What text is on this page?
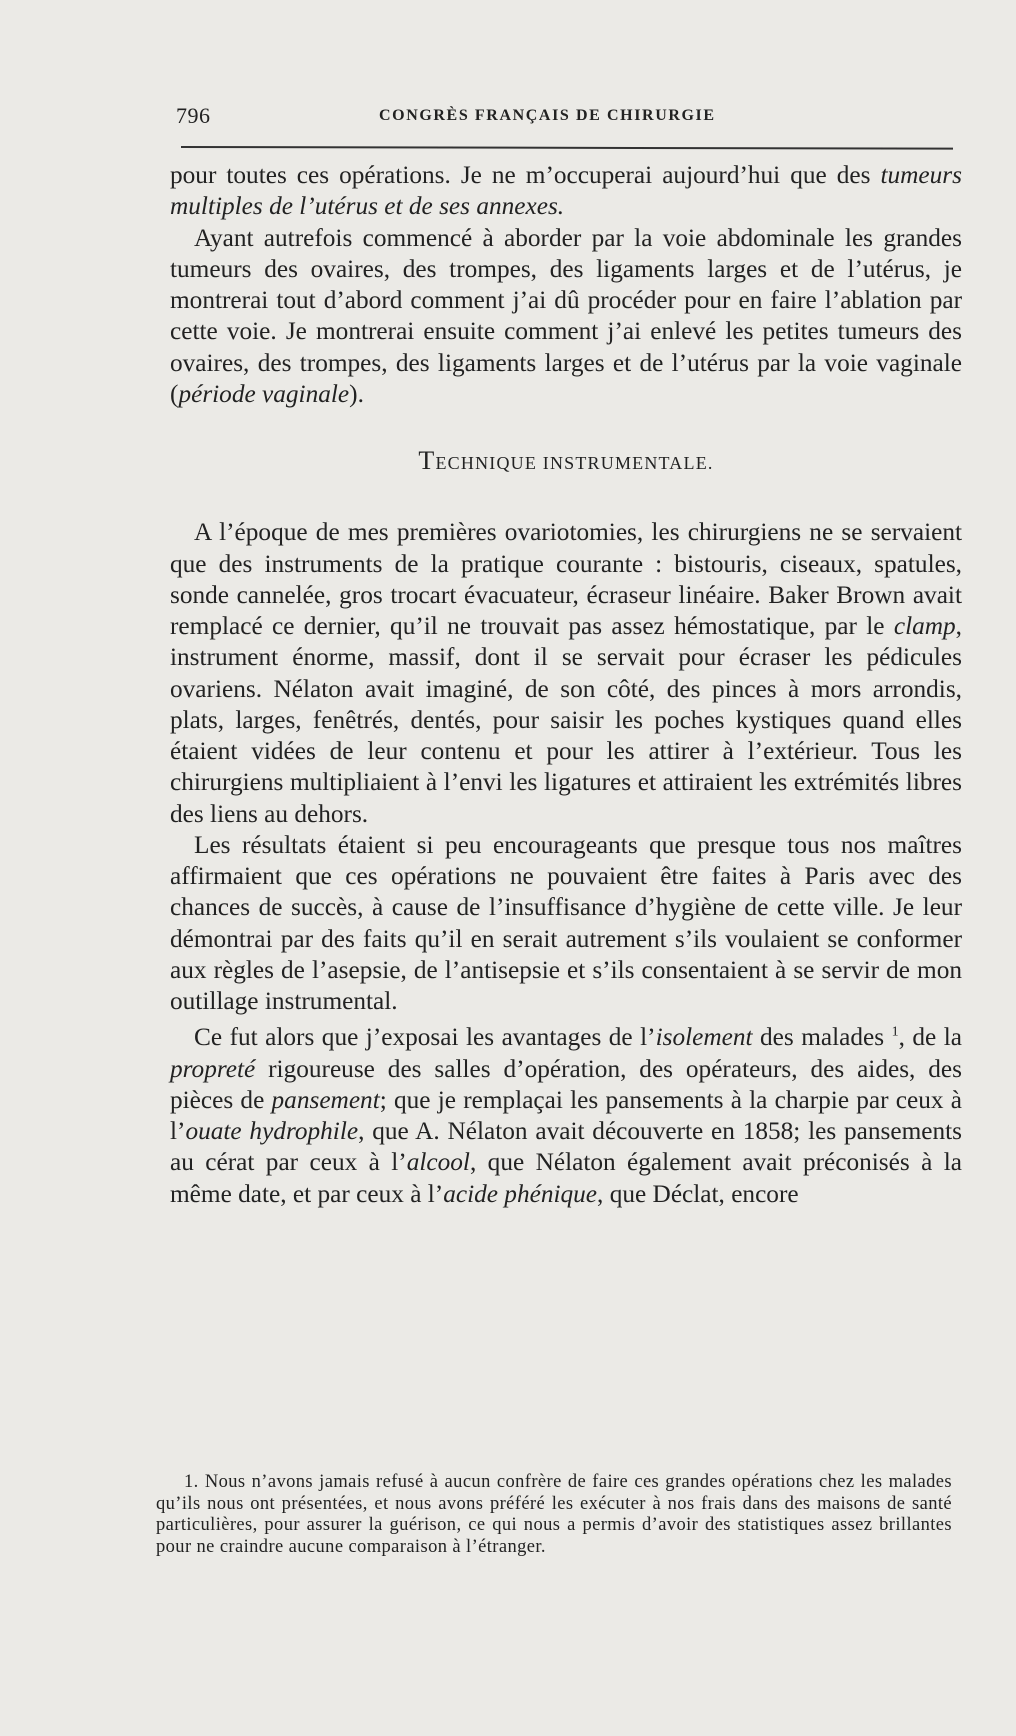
796	CONGRÈS FRANÇAIS DE CHIRURGIE

pour toutes ces opérations. Je ne m’occuperai aujourd’hui que des tumeurs multiples de l’utérus et de ses annexes.

Ayant autrefois commencé à aborder par la voie abdominale les grandes tumeurs des ovaires, des trompes, des ligaments larges et de l’utérus, je montrerai tout d’abord comment j’ai dû procéder pour en faire l’ablation par cette voie. Je montrerai ensuite comment j’ai enlevé les petites tumeurs des ovaires, des trompes, des ligaments larges et de l’utérus par la voie vaginale (période vaginale).

TECHNIQUE INSTRUMENTALE.

A l’époque de mes premières ovariotomies, les chirurgiens ne se servaient que des instruments de la pratique courante : bistouris, ciseaux, spatules, sonde cannelée, gros trocart évacuateur, écraseur linéaire. Baker Brown avait remplacé ce dernier, qu’il ne trouvait pas assez hémostatique, par le clamp, instrument énorme, massif, dont il se servait pour écraser les pédicules ovariens. Nélaton avait imaginé, de son côté, des pinces à mors arrondis, plats, larges, fenêtrés, dentés, pour saisir les poches kystiques quand elles étaient vidées de leur contenu et pour les attirer à l’extérieur. Tous les chirurgiens multipliaient à l’envi les ligatures et attiraient les extrémités libres des liens au dehors.

Les résultats étaient si peu encourageants que presque tous nos maîtres affirmaient que ces opérations ne pouvaient être faites à Paris avec des chances de succès, à cause de l’insuffisance d’hygiène de cette ville. Je leur démontrai par des faits qu’il en serait autrement s’ils voulaient se conformer aux règles de l’asepsie, de l’antisepsie et s’ils consentaient à se servir de mon outillage instrumental.

Ce fut alors que j’exposai les avantages de l’isolement des malades $^1$, de la propreté rigoureuse des salles d’opération, des opérateurs, des aides, des pièces de pansement; que je remplaçai les pansements à la charpie par ceux à l’ouate hydrophile, que A. Nélaton avait découverte en 1858; les pansements au cérat par ceux à l’alcool, que Nélaton également avait préconisés à la même date, et par ceux à l’acide phénique, que Déclat, encore

1. Nous n’avons jamais refusé à aucun confrère de faire ces grandes opérations chez les malades qu’ils nous ont présentées, et nous avons préféré les exécuter à nos frais dans des maisons de santé particulières, pour assurer la guérison, ce qui nous a permis d’avoir des statistiques assez brillantes pour ne craindre aucune comparaison à l’étranger.
